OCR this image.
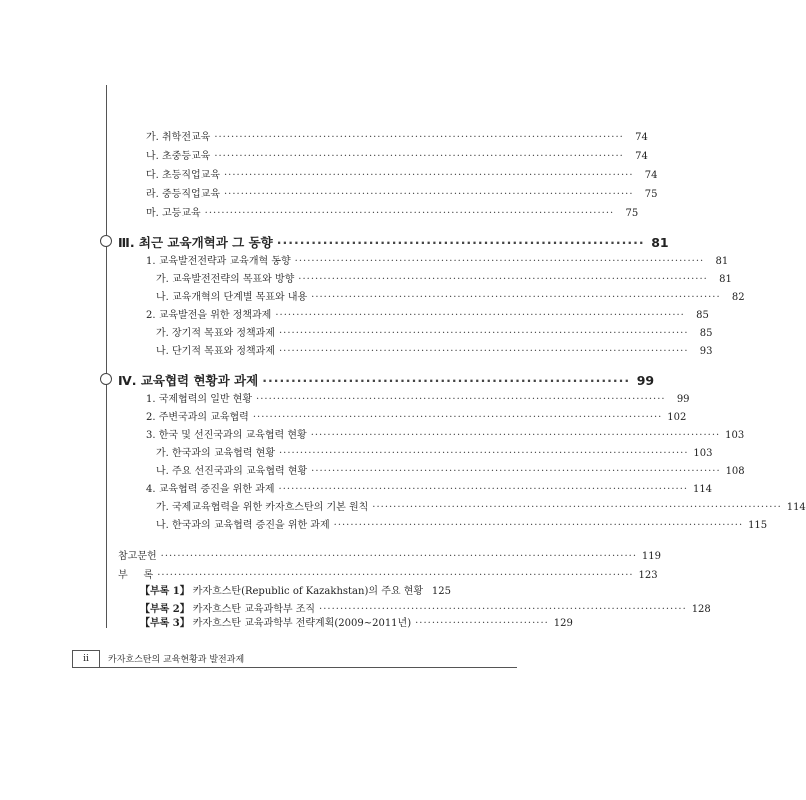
가. 취학전교육 ··································································································	74
나. 초중등교육 ··································································································	74
다. 초등직업교육 ··································································································	74
라. 중등직업교육 ··································································································	75
마. 고등교육 ··································································································	75
Ⅲ. 최근 교육개혁과 그 동향 ································································ 81
1. 교육발전전략과 교육개혁 동향 ··································································································	81
가. 교육발전전략의 목표와 방향 ··································································································	81
나. 교육개혁의 단계별 목표와 내용 ··································································································	82
2. 교육발전을 위한 정책과제 ··································································································	85
가. 장기적 목표와 정책과제 ··································································································	85
나. 단기적 목표와 정책과제 ··································································································	93
Ⅳ. 교육협력 현황과 과제 ································································ 99
1. 국제협력의 일반 현황 ··································································································	99
2. 주변국과의 교육협력 ·································································································· 102
3. 한국 및 선진국과의 교육협력 현황 ·································································································· 103
가. 한국과의 교육협력 현황 ·································································································· 103
나. 주요 선진국과의 교육협력 현황 ·································································································· 108
4. 교육협력 증진을 위한 과제 ·································································································· 114
가. 국제교육협력을 위한 카자흐스탄의 기본 원칙 ·································································································· 114
나. 한국과의 교육협력 증진을 위한 과제 ·································································································· 115
참고문헌 ·················································································································· 119
부     록 ·················································································································· 123
【부록 1】 카자흐스탄(Republic of Kazakhstan)의 주요 현황 125
【부록 2】 카자흐스탄 교육과학부 조직 ························································································ 128
【부록 3】 카자흐스탄 교육과학부 전략계획(2009~2011년) ································ 129
ii	카자흐스탄의 교육현황과 발전과제
